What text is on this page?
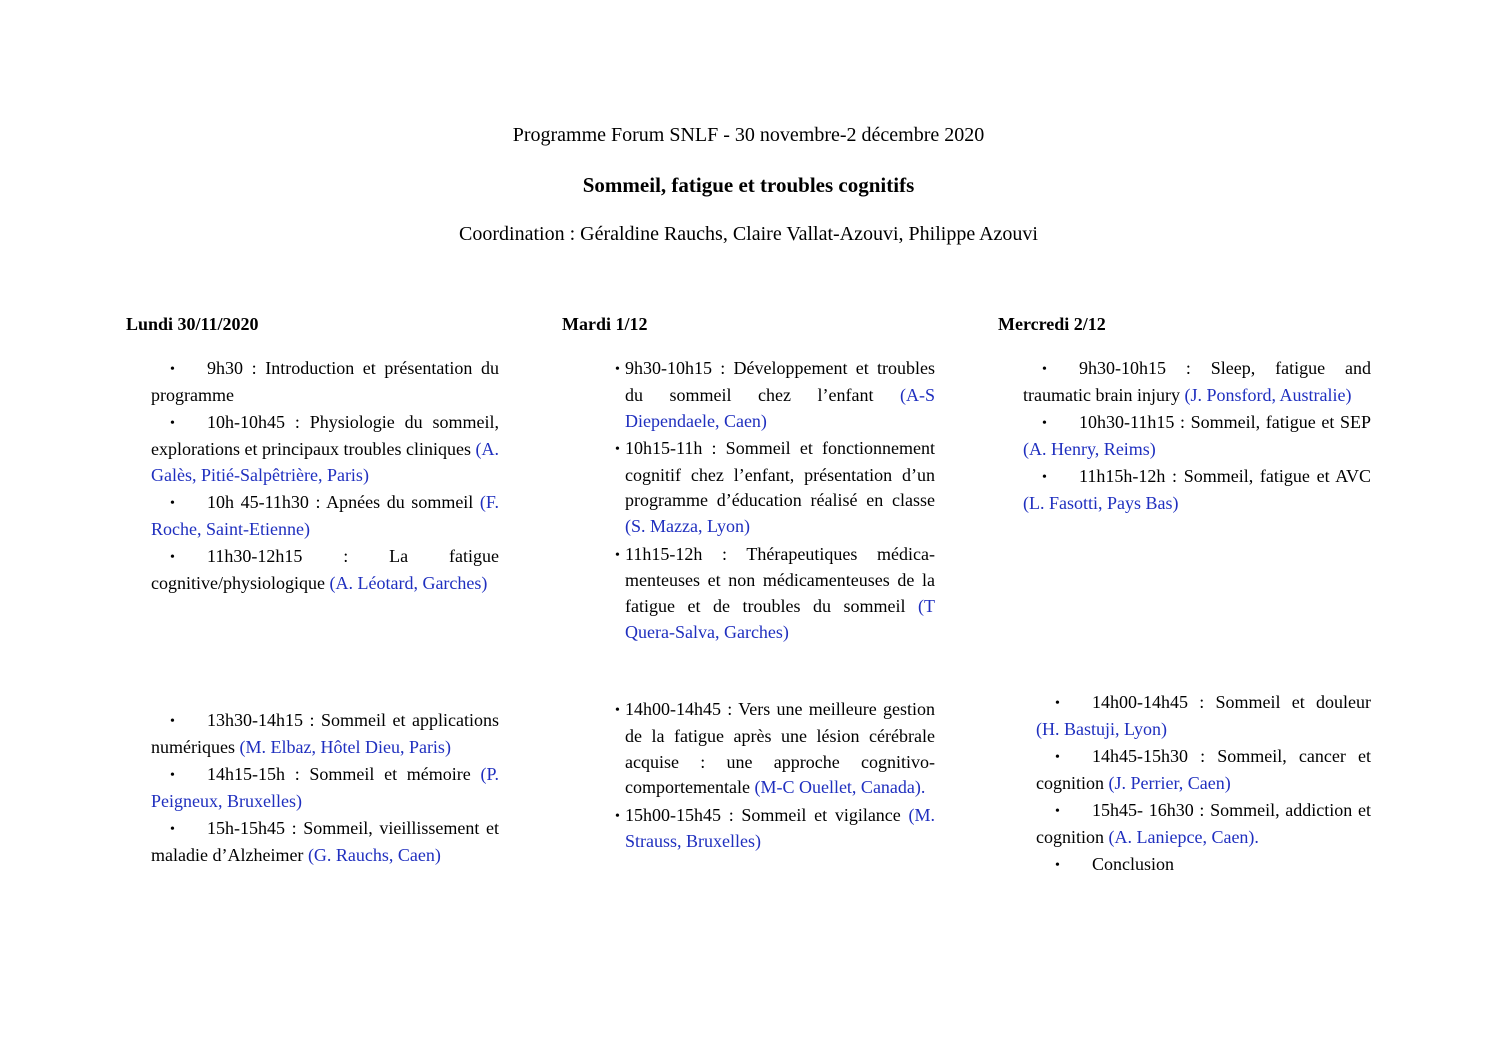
Programme Forum SNLF - 30 novembre-2 décembre 2020
Sommeil, fatigue et troubles cognitifs
Coordination : Géraldine Rauchs, Claire Vallat-Azouvi, Philippe Azouvi
Lundi 30/11/2020	Mardi 1/12	Mercredi 2/12
• 9h30 : Introduction et présentation du programme
• 10h-10h45 : Physiologie du sommeil, explorations et principaux troubles cliniques (A. Galès, Pitié-Salpêtrière, Paris)
• 10h 45-11h30 : Apnées du sommeil (F. Roche, Saint-Etienne)
• 11h30-12h15 : La fatigue cognitive/physiologique (A. Léotard, Garches)
• 13h30-14h15 : Sommeil et applications numériques (M. Elbaz, Hôtel Dieu, Paris)
• 14h15-15h : Sommeil et mémoire (P. Peigneux, Bruxelles)
• 15h-15h45 : Sommeil, vieillissement et maladie d’Alzheimer (G. Rauchs, Caen)
• 9h30-10h15 : Développement et troubles du sommeil chez l’enfant (A-S Diependaele, Caen)
• 10h15-11h : Sommeil et fonctionnement cognitif chez l’enfant, présentation d’un programme d’éducation réalisé en classe (S. Mazza, Lyon)
• 11h15-12h : Thérapeutiques médica-menteuses et non médicamenteuses de la fatigue et de troubles du sommeil (T Quera-Salva, Garches)
• 14h00-14h45 : Vers une meilleure gestion de la fatigue après une lésion cérébrale acquise : une approche cognitivo-comportementale (M-C Ouellet, Canada).
• 15h00-15h45 : Sommeil et vigilance (M. Strauss, Bruxelles)
• 9h30-10h15 : Sleep, fatigue and traumatic brain injury (J. Ponsford, Australie)
• 10h30-11h15 : Sommeil, fatigue et SEP (A. Henry, Reims)
• 11h15h-12h : Sommeil, fatigue et AVC (L. Fasotti, Pays Bas)
• 14h00-14h45 : Sommeil et douleur (H. Bastuji, Lyon)
• 14h45-15h30 : Sommeil, cancer et cognition (J. Perrier, Caen)
• 15h45- 16h30 : Sommeil, addiction et cognition (A. Laniepce, Caen).
• Conclusion
